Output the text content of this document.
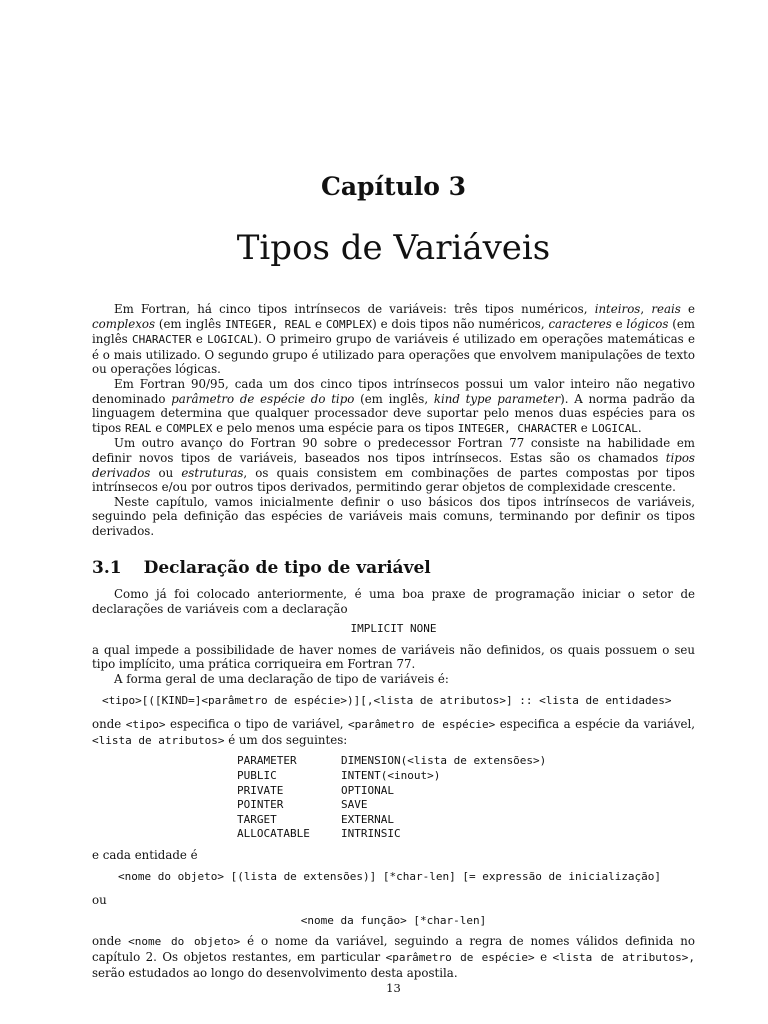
Capítulo 3
Tipos de Variáveis

Em Fortran, há cinco tipos intrínsecos de variáveis: três tipos numéricos, inteiros, reais e complexos (em inglês INTEGER, REAL e COMPLEX) e dois tipos não numéricos, caracteres e lógicos (em inglês CHARACTER e LOGICAL). O primeiro grupo de variáveis é utilizado em operações matemáticas e é o mais utilizado. O segundo grupo é utilizado para operações que envolvem manipulações de texto ou operações lógicas.

Em Fortran 90/95, cada um dos cinco tipos intrínsecos possui um valor inteiro não negativo denominado parâmetro de espécie do tipo (em inglês, kind type parameter). A norma padrão da linguagem determina que qualquer processador deve suportar pelo menos duas espécies para os tipos REAL e COMPLEX e pelo menos uma espécie para os tipos INTEGER, CHARACTER e LOGICAL.

Um outro avanço do Fortran 90 sobre o predecessor Fortran 77 consiste na habilidade em definir novos tipos de variáveis, baseados nos tipos intrínsecos. Estas são os chamados tipos derivados ou estruturas, os quais consistem em combinações de partes compostas por tipos intrínsecos e/ou por outros tipos derivados, permitindo gerar objetos de complexidade crescente.

Neste capítulo, vamos inicialmente definir o uso básicos dos tipos intrínsecos de variáveis, seguindo pela definição das espécies de variáveis mais comuns, terminando por definir os tipos derivados.

3.1 Declaração de tipo de variável

Como já foi colocado anteriormente, é uma boa praxe de programação iniciar o setor de declarações de variáveis com a declaração

IMPLICIT NONE

a qual impede a possibilidade de haver nomes de variáveis não definidos, os quais possuem o seu tipo implícito, uma prática corriqueira em Fortran 77.

A forma geral de uma declaração de tipo de variáveis é:

<tipo>[([KIND=]<parâmetro de espécie>)][,<lista de atributos>] :: <lista de entidades>

onde <tipo> especifica o tipo de variável, <parâmetro de espécie> especifica a espécie da variável, <lista de atributos> é um dos seguintes:

PARAMETER	DIMENSION(<lista de extensões>)
PUBLIC	INTENT(<inout>)
PRIVATE	OPTIONAL
POINTER	SAVE
TARGET	EXTERNAL
ALLOCATABLE	INTRINSIC

e cada entidade é

<nome do objeto> [(lista de extensões)] [*char-len] [= expressão de inicialização]

ou

<nome da função> [*char-len]

onde <nome do objeto> é o nome da variável, seguindo a regra de nomes válidos definida no capítulo 2. Os objetos restantes, em particular <parâmetro de espécie> e <lista de atributos>, serão estudados ao longo do desenvolvimento desta apostila.

13
